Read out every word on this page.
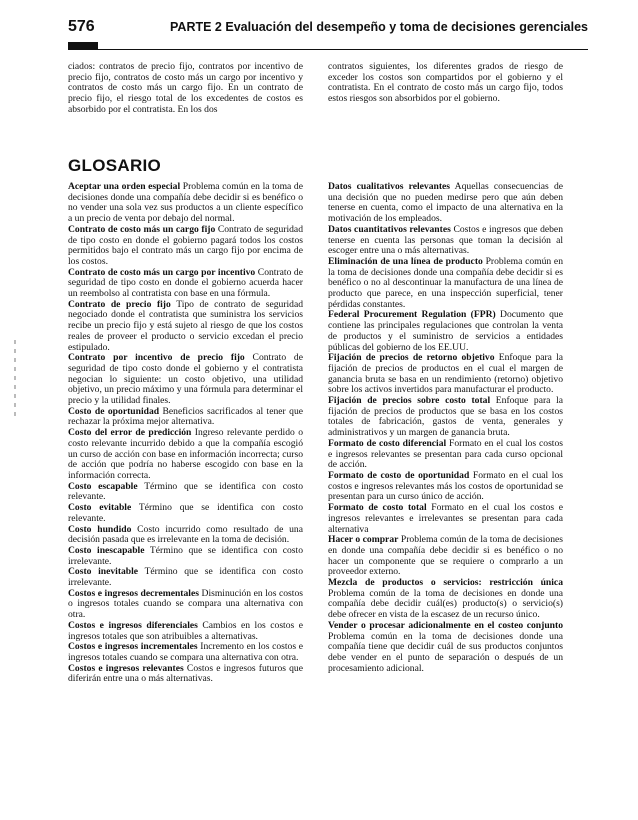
576	PARTE 2 Evaluación del desempeño y toma de decisiones gerenciales
ciados: contratos de precio fijo, contratos por incentivo de precio fijo, contratos de costo más un cargo por incentivo y contratos de costo más un cargo fijo. En un contrato de precio fijo, el riesgo total de los excedentes de costos es absorbido por el contratista. En los dos
contratos siguientes, los diferentes grados de riesgo de exceder los costos son compartidos por el gobierno y el contratista. En el contrato de costo más un cargo fijo, todos estos riesgos son absorbidos por el gobierno.
GLOSARIO

Aceptar una orden especial Problema común en la toma de decisiones donde una compañía debe decidir si es benéfico o no vender una sola vez sus productos a un cliente específico a un precio de venta por debajo del normal.

Contrato de costo más un cargo fijo Contrato de seguridad de tipo costo en donde el gobierno pagará todos los costos permitidos bajo el contrato más un cargo fijo por encima de los costos.

Contrato de costo más un cargo por incentivo Contrato de seguridad de tipo costo en donde el gobierno acuerda hacer un reembolso al contratista con base en una fórmula.

Contrato de precio fijo Tipo de contrato de seguridad negociado donde el contratista que suministra los servicios recibe un precio fijo y está sujeto al riesgo de que los costos reales de proveer el producto o servicio excedan el precio estipulado.

Contrato por incentivo de precio fijo Contrato de seguridad de tipo costo donde el gobierno y el contratista negocian lo siguiente: un costo objetivo, una utilidad objetivo, un precio máximo y una fórmula para determinar el precio y la utilidad finales.

Costo de oportunidad Beneficios sacrificados al tener que rechazar la próxima mejor alternativa.

Costo del error de predicción Ingreso relevante perdido o costo relevante incurrido debido a que la compañía escogió un curso de acción con base en información incorrecta; curso de acción que podría no haberse escogido con base en la información correcta.

Costo escapable Término que se identifica con costo relevante.

Costo evitable Término que se identifica con costo relevante.

Costo hundido Costo incurrido como resultado de una decisión pasada que es irrelevante en la toma de decisión.

Costo inescapable Término que se identifica con costo irrelevante.

Costo inevitable Término que se identifica con costo irrelevante.

Costos e ingresos decrementales Disminución en los costos o ingresos totales cuando se compara una alternativa con otra.

Costos e ingresos diferenciales Cambios en los costos e ingresos totales que son atribuibles a alternativas.

Costos e ingresos incrementales Incremento en los costos e ingresos totales cuando se compara una alternativa con otra.

Costos e ingresos relevantes Costos e ingresos futuros que diferirán entre una o más alternativas.

Datos cualitativos relevantes Aquellas consecuencias de una decisión que no pueden medirse pero que aún deben tenerse en cuenta, como el impacto de una alternativa en la motivación de los empleados.

Datos cuantitativos relevantes Costos e ingresos que deben tenerse en cuenta las personas que toman la decisión al escoger entre una o más alternativas.

Eliminación de una línea de producto Problema común en la toma de decisiones donde una compañía debe decidir si es benéfico o no al descontinuar la manufactura de una línea de producto que parece, en una inspección superficial, tener pérdidas constantes.

Federal Procurement Regulation (FPR) Documento que contiene las principales regulaciones que controlan la venta de productos y el suministro de servicios a entidades públicas del gobierno de los EE.UU.

Fijación de precios de retorno objetivo Enfoque para la fijación de precios de productos en el cual el margen de ganancia bruta se basa en un rendimiento (retorno) objetivo sobre los activos invertidos para manufacturar el producto.

Fijación de precios sobre costo total Enfoque para la fijación de precios de productos que se basa en los costos totales de fabricación, gastos de venta, generales y administrativos y un margen de ganancia bruta.

Formato de costo diferencial Formato en el cual los costos e ingresos relevantes se presentan para cada curso opcional de acción.

Formato de costo de oportunidad Formato en el cual los costos e ingresos relevantes más los costos de oportunidad se presentan para un curso único de acción.

Formato de costo total Formato en el cual los costos e ingresos relevantes e irrelevantes se presentan para cada alternativa

Hacer o comprar Problema común de la toma de decisiones en donde una compañía debe decidir si es benéfico o no hacer un componente que se requiere o comprarlo a un proveedor externo.

Mezcla de productos o servicios: restricción única Problema común de la toma de decisiones en donde una compañía debe decidir cuál(es) producto(s) o servicio(s) debe ofrecer en vista de la escasez de un recurso único.

Vender o procesar adicionalmente en el costeo conjunto Problema común en la toma de decisiones donde una compañía tiene que decidir cuál de sus productos conjuntos debe vender en el punto de separación o después de un procesamiento adicional.
